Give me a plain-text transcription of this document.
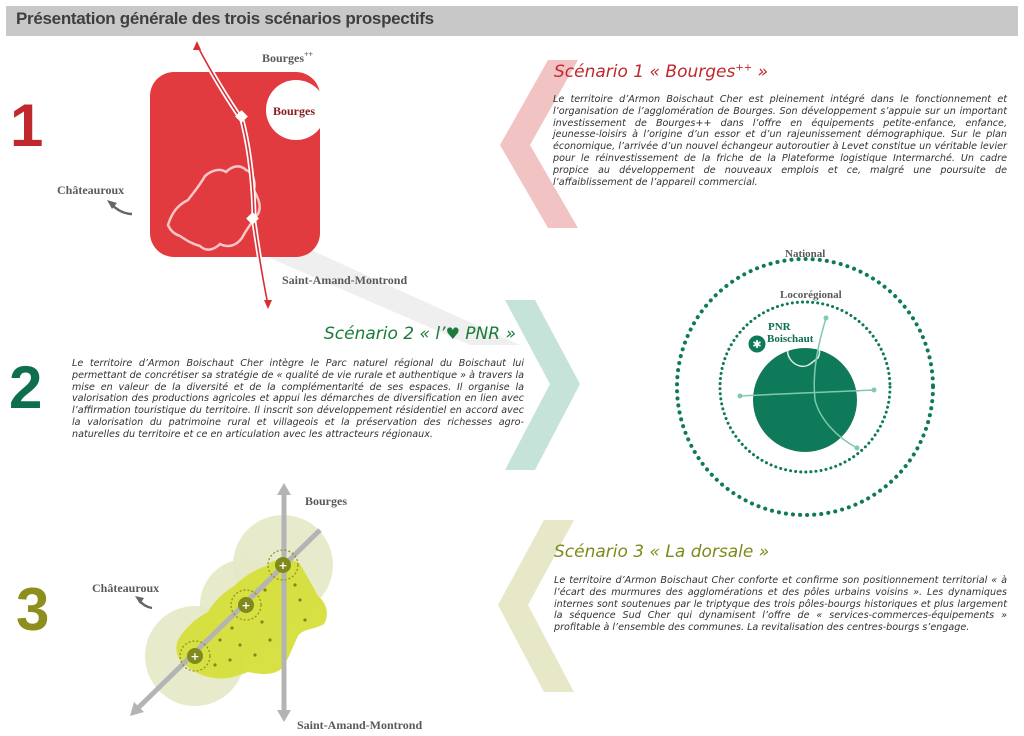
Présentation générale des trois scénarios prospectifs
✱
+
+
+
1
Bourges++
Bourges
Châteauroux
Saint-Amand-Montrond
Scénario 1 « Bourges++ »
Le territoire d’Armon Boischaut Cher est pleinement intégré dans le fonctionnement et l’organisation de l’agglomération de Bourges. Son développement s’appuie sur un important investissement de Bourges++ dans l’offre en équipements petite-enfance, enfance, jeunesse-loisirs à l’origine d’un essor et d’un rajeunissement démographique. Sur le plan économique, l’arrivée d’un nouvel échangeur autoroutier à Levet constitue un véritable levier pour le réinvestissement de la friche de la Plateforme logistique Intermarché. Un cadre propice au développement de nouveaux emplois et ce, malgré une poursuite de l’affaiblissement de l’appareil commercial.
2
Scénario 2 « l’♥ PNR »
Le territoire d’Armon Boischaut Cher intègre le Parc naturel régional du Boischaut lui permettant de concrétiser sa stratégie de « qualité de vie rurale et authentique » à travers la mise en valeur de la diversité et de la complémentarité de ses espaces. Il organise la valorisation des productions agricoles et appui les démarches de diversification en lien avec l’affirmation touristique du territoire. Il inscrit son développement résidentiel en accord avec la valorisation du patrimoine rural et villageois et la préservation des richesses agro-naturelles du territoire et ce en articulation avec les attracteurs régionaux.
National
Locorégional
PNR
Boischaut
3
Bourges
Châteauroux
Saint-Amand-Montrond
Scénario 3 « La dorsale »
Le territoire d’Armon Boischaut Cher conforte et confirme son positionnement territorial « à l’écart des murmures des agglomérations et des pôles urbains voisins ». Les dynamiques internes sont soutenues par le triptyque des trois pôles-bourgs historiques et plus largement la séquence Sud Cher qui dynamisent l’offre de « services-commerces-équipements » profitable à l’ensemble des communes. La revitalisation des centres-bourgs s’engage.
